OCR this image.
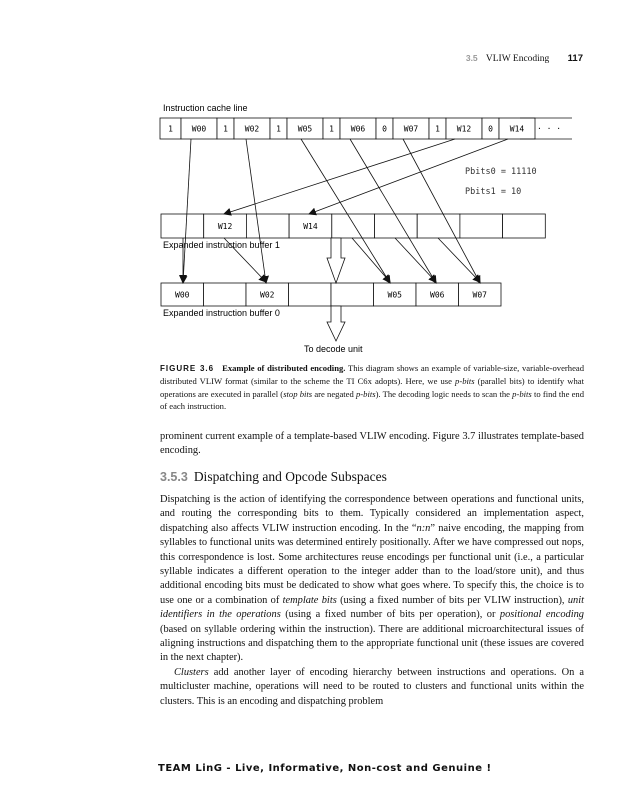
3.5 VLIW Encoding 117
Instruction cache line
1 W00 1 W02 1 W05 1 W06 0 W07 1 W12 0 W14 · · ·
Pbits0 = 11110
Pbits1 = 10
W12	W14
Expanded instruction buffer 1
W00	W02	W05	W06	W07
Expanded instruction buffer 0
To decode unit
FIGURE 3.6 Example of distributed encoding. This diagram shows an example of variable-size, variable-overhead distributed VLIW format (similar to the scheme the TI C6x adopts). Here, we use p-bits (parallel bits) to identify what operations are executed in parallel (stop bits are negated p-bits). The decoding logic needs to scan the p-bits to find the end of each instruction.

prominent current example of a template-based VLIW encoding. Figure 3.7 illustrates template-based encoding.

3.5.3 Dispatching and Opcode Subspaces

Dispatching is the action of identifying the correspondence between operations and functional units, and routing the corresponding bits to them. Typically considered an implementation aspect, dispatching also affects VLIW instruction encoding. In the “n:n” naive encoding, the mapping from syllables to functional units was determined entirely positionally. After we have compressed out nops, this correspondence is lost. Some architectures reuse encodings per functional unit (i.e., a particular syllable indicates a different operation to the integer adder than to the load/store unit), and thus additional encoding bits must be dedicated to show what goes where. To specify this, the choice is to use one or a combination of template bits (using a fixed number of bits per VLIW instruction), unit identifiers in the operations (using a fixed number of bits per operation), or positional encoding (based on syllable ordering within the instruction). There are additional microarchitectural issues of aligning instructions and dispatching them to the appropriate functional unit (these issues are covered in the next chapter).

Clusters add another layer of encoding hierarchy between instructions and operations. On a multicluster machine, operations will need to be routed to clusters and functional units within the clusters. This is an encoding and dispatching problem

TEAM LinG - Live, Informative, Non-cost and Genuine !
